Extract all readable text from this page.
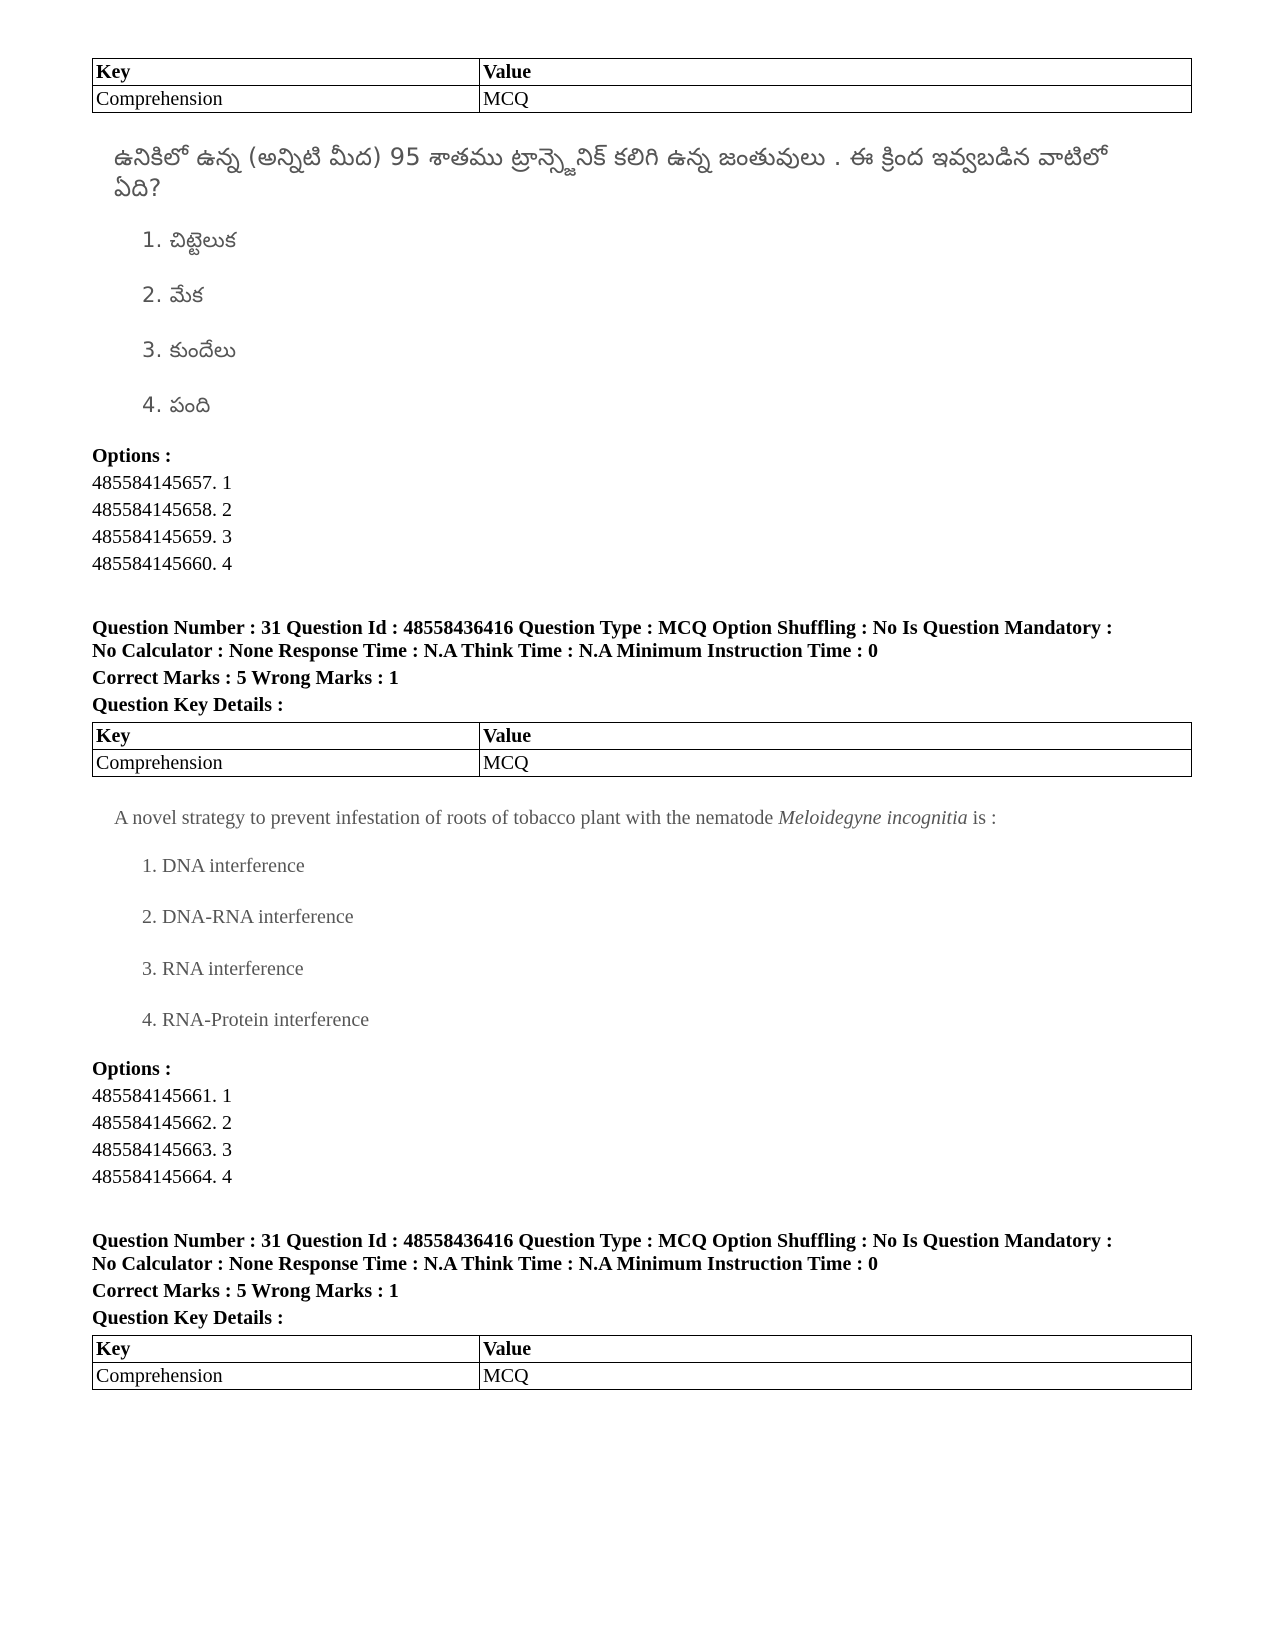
Key	Value
Comprehension	MCQ
ఉనికిలో ఉన్న (అన్నిటి మీద) 95 శాతము ట్రాన్స్జెనిక్ కలిగి ఉన్న జంతువులు . ఈ క్రింద ఇవ్వబడిన వాటిలో ఏది?
1. చిట్టెలుక
2. మేక
3. కుందేలు
4. పంది
Options :
485584145657. 1
485584145658. 2
485584145659. 3
485584145660. 4
Question Number : 31 Question Id : 48558436416 Question Type : MCQ Option Shuffling : No Is Question Mandatory :
No Calculator : None Response Time : N.A Think Time : N.A Minimum Instruction Time : 0
Correct Marks : 5 Wrong Marks : 1
Question Key Details :
Key	Value
Comprehension	MCQ
A novel strategy to prevent infestation of roots of tobacco plant with the nematode Meloidegyne incognitia is :
1. DNA interference
2. DNA-RNA interference
3. RNA interference
4. RNA-Protein interference
Options :
485584145661. 1
485584145662. 2
485584145663. 3
485584145664. 4
Question Number : 31 Question Id : 48558436416 Question Type : MCQ Option Shuffling : No Is Question Mandatory :
No Calculator : None Response Time : N.A Think Time : N.A Minimum Instruction Time : 0
Correct Marks : 5 Wrong Marks : 1
Question Key Details :
Key	Value
Comprehension	MCQ
